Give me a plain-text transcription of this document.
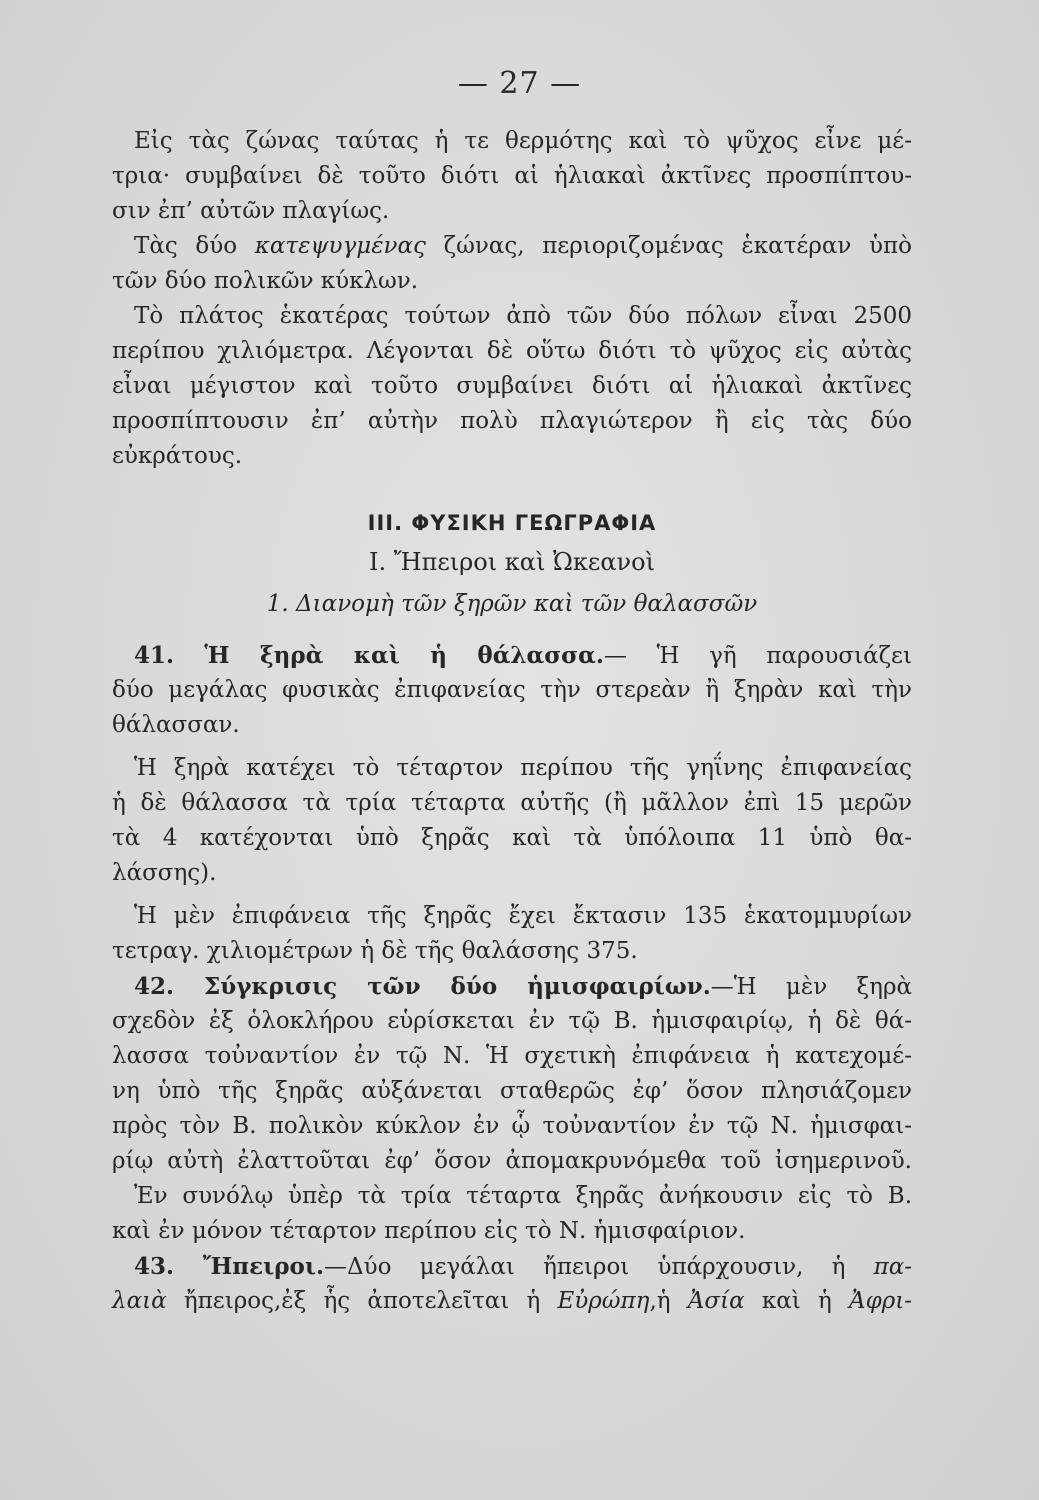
— 27 —
Εἰς τὰς ζώνας ταύτας ἡ τε θερμότης καὶ τὸ ψῦχος εἶνε μέ-
τρια· συμβαίνει δὲ τοῦτο διότι αἱ ἡλιακαὶ ἀκτῖνες προσπίπτου-
σιν ἐπ’ αὐτῶν πλαγίως.
Τὰς δύο κατεψυγμένας ζώνας, περιοριζομένας ἑκατέραν ὑπὸ
τῶν δύο πολικῶν κύκλων.
Τὸ πλάτος ἑκατέρας τούτων ἀπὸ τῶν δύο πόλων εἶναι 2500
περίπου χιλιόμετρα. Λέγονται δὲ οὕτω διότι τὸ ψῦχος εἰς αὐτὰς
εἶναι μέγιστον καὶ τοῦτο συμβαίνει διότι αἱ ἡλιακαὶ ἀκτῖνες
προσπίπτουσιν ἐπ’ αὐτὴν πολὺ πλαγιώτερον ἢ εἰς τὰς δύο
εὐκράτους.
III. ΦΥΣΙΚΗ ΓΕΩΓΡΑΦΙΑ
I. Ἤπειροι καὶ Ὠκεανοὶ
1. Διανομὴ τῶν ξηρῶν καὶ τῶν θαλασσῶν
41. Ἡ ξηρὰ καὶ ἡ θάλασσα.— Ἡ γῆ παρουσιάζει
δύο μεγάλας φυσικὰς ἐπιφανείας τὴν στερεὰν ἢ ξηρὰν καὶ τὴν
θάλασσαν.
Ἡ ξηρὰ κατέχει τὸ τέταρτον περίπου τῆς γηΐνης ἐπιφανείας
ἡ δὲ θάλασσα τὰ τρία τέταρτα αὐτῆς (ἢ μᾶλλον ἐπὶ 15 μερῶν
τὰ 4 κατέχονται ὑπὸ ξηρᾶς καὶ τὰ ὑπόλοιπα 11 ὑπὸ θα-
λάσσης).
Ἡ μὲν ἐπιφάνεια τῆς ξηρᾶς ἔχει ἔκτασιν 135 ἑκατομμυρίων
τετραγ. χιλιομέτρων ἡ δὲ τῆς θαλάσσης 375.
42. Σύγκρισις τῶν δύο ἡμισφαιρίων.—Ἡ μὲν ξηρὰ
σχεδὸν ἐξ ὁλοκλήρου εὑρίσκεται ἐν τῷ Β. ἡμισφαιρίῳ, ἡ δὲ θά-
λασσα τοὐναντίον ἐν τῷ Ν. Ἡ σχετικὴ ἐπιφάνεια ἡ κατεχομέ-
νη ὑπὸ τῆς ξηρᾶς αὐξάνεται σταθερῶς ἐφ’ ὅσον πλησιάζομεν
πρὸς τὸν Β. πολικὸν κύκλον ἐν ᾧ τοὐναντίον ἐν τῷ Ν. ἡμισφαι-
ρίῳ αὐτὴ ἐλαττοῦται ἐφ’ ὅσον ἀπομακρυνόμεθα τοῦ ἰσημερινοῦ.
Ἐν συνόλῳ ὑπὲρ τὰ τρία τέταρτα ξηρᾶς ἀνήκουσιν εἰς τὸ Β.
καὶ ἐν μόνον τέταρτον περίπου εἰς τὸ Ν. ἡμισφαίριον.
43. Ἤπειροι.—Δύο μεγάλαι ἤπειροι ὑπάρχουσιν, ἡ πα-
λαιὰ ἤπειρος,ἐξ ἧς ἀποτελεῖται ἡ Εὐρώπη,ἡ Ἀσία καὶ ἡ Ἀφρι-
